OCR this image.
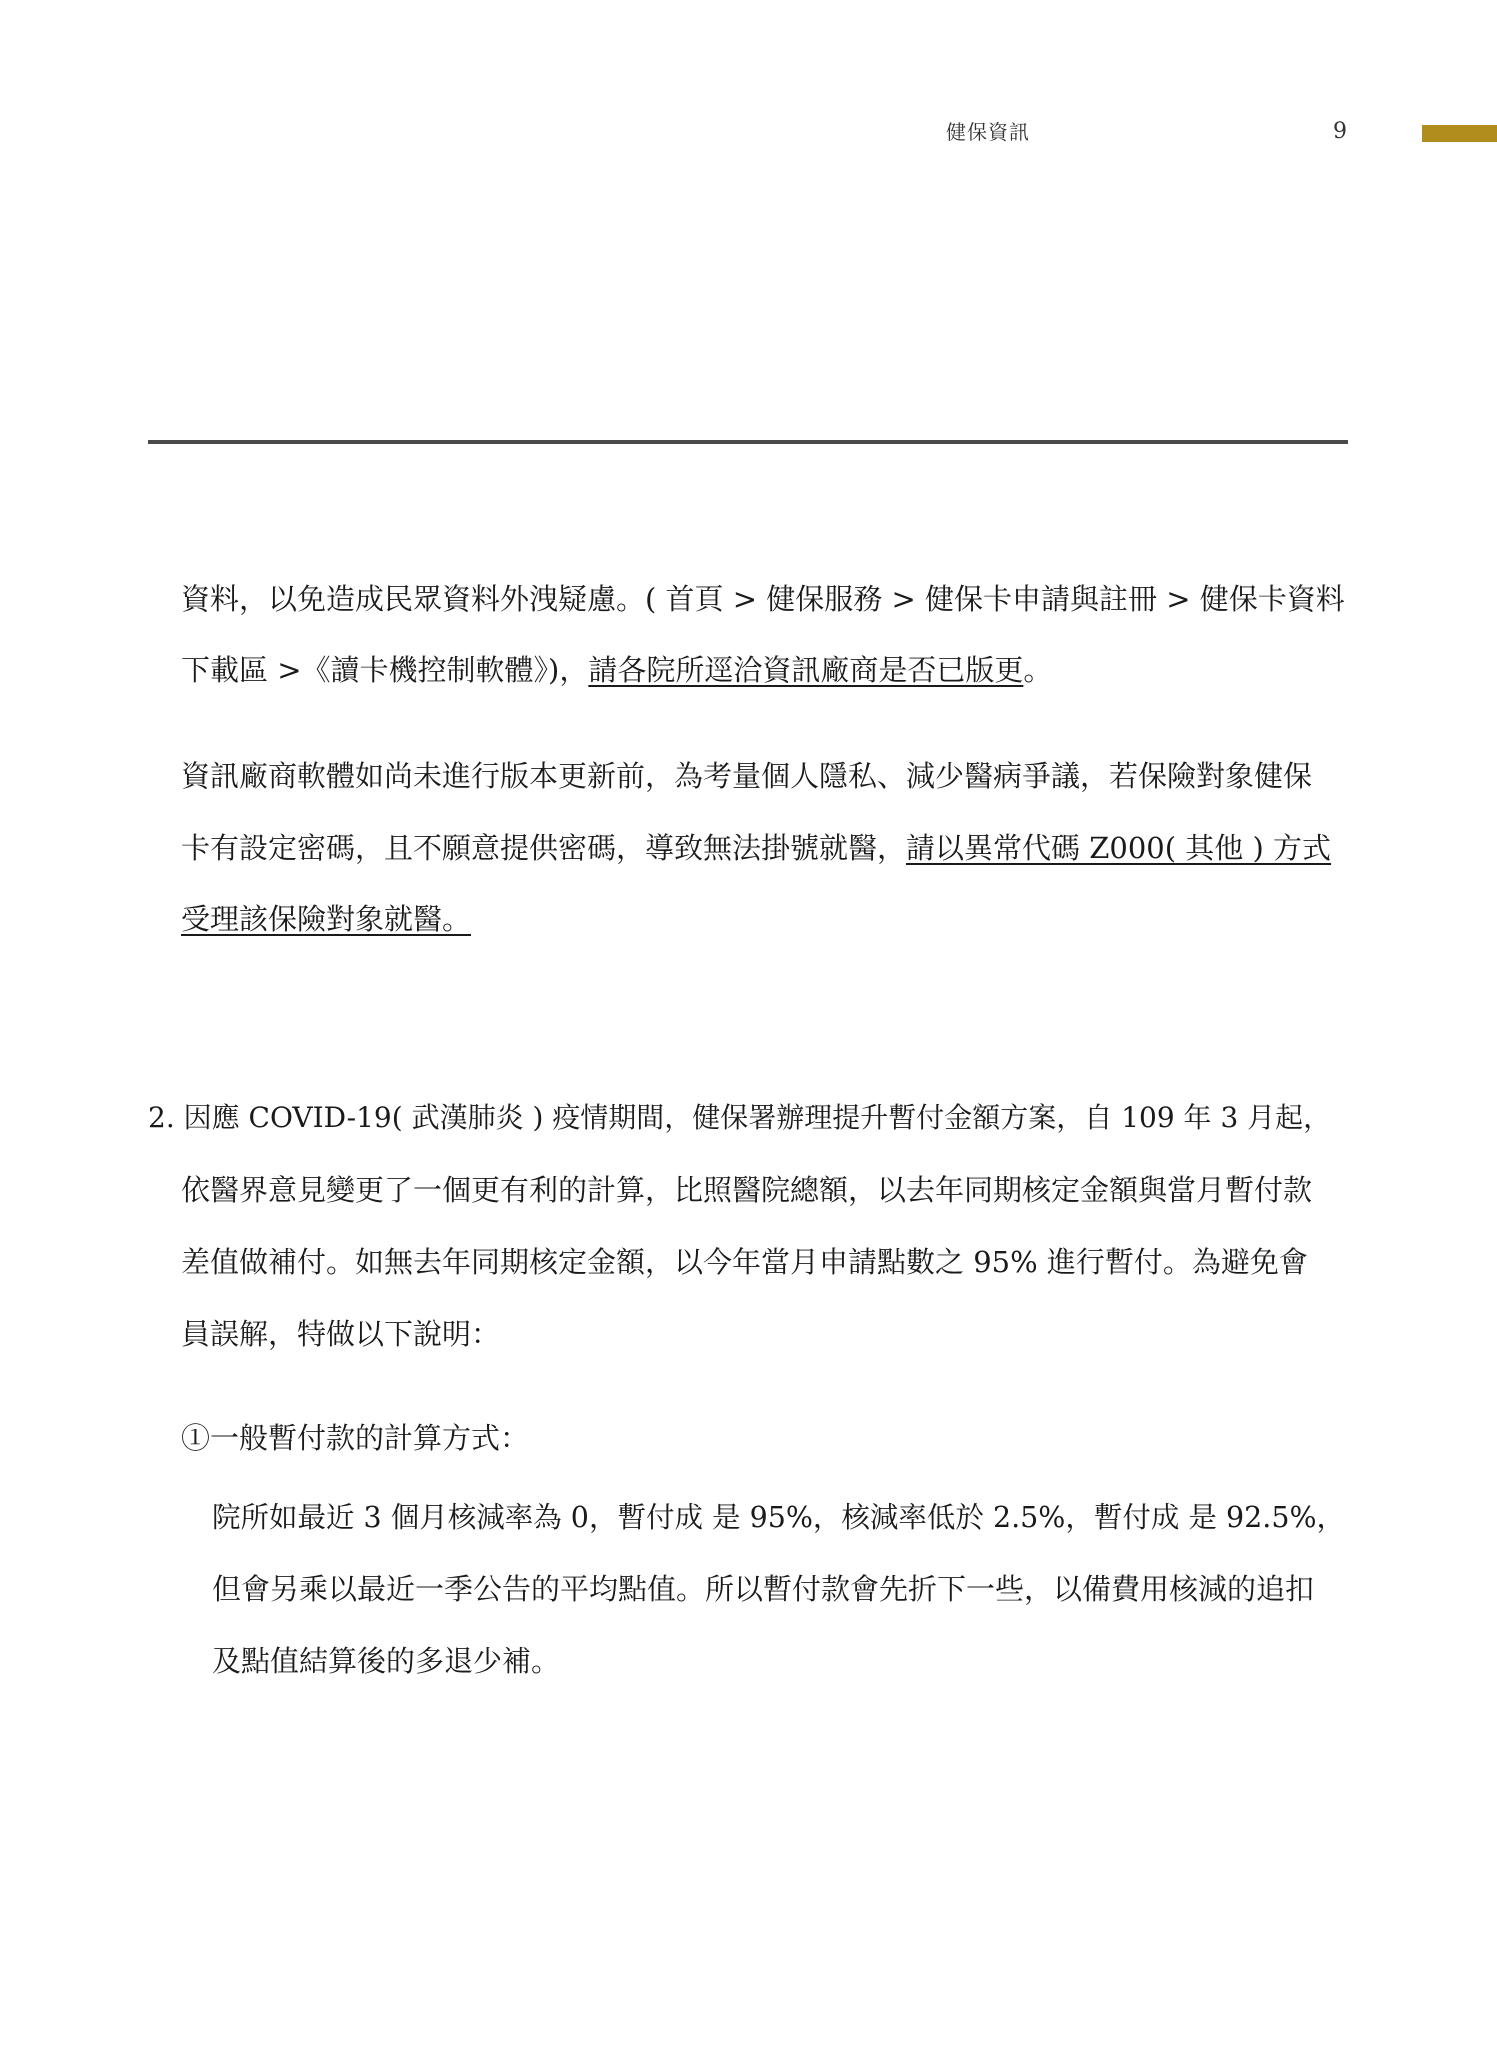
健保資訊	9
資料，以免造成民眾資料外洩疑慮。( 首頁 > 健保服務 > 健保卡申請與註冊 > 健保卡資料
下載區 >《讀卡機控制軟體》)，請各院所逕洽資訊廠商是否已版更。
資訊廠商軟體如尚未進行版本更新前，為考量個人隱私、減少醫病爭議，若保險對象健保
卡有設定密碼，且不願意提供密碼，導致無法掛號就醫，請以異常代碼 Z000( 其他 ) 方式
受理該保險對象就醫。
2. 因應 COVID-19( 武漢肺炎 ) 疫情期間，健保署辦理提升暫付金額方案，自 109 年 3 月起，
依醫界意見變更了一個更有利的計算，比照醫院總額，以去年同期核定金額與當月暫付款
差值做補付。如無去年同期核定金額，以今年當月申請點數之 95% 進行暫付。為避免會
員誤解，特做以下說明：
①一般暫付款的計算方式：
院所如最近 3 個月核減率為 0，暫付成 是 95%，核減率低於 2.5%，暫付成 是 92.5%，
但會另乘以最近一季公告的平均點值。所以暫付款會先折下一些，以備費用核減的追扣
及點值結算後的多退少補。
